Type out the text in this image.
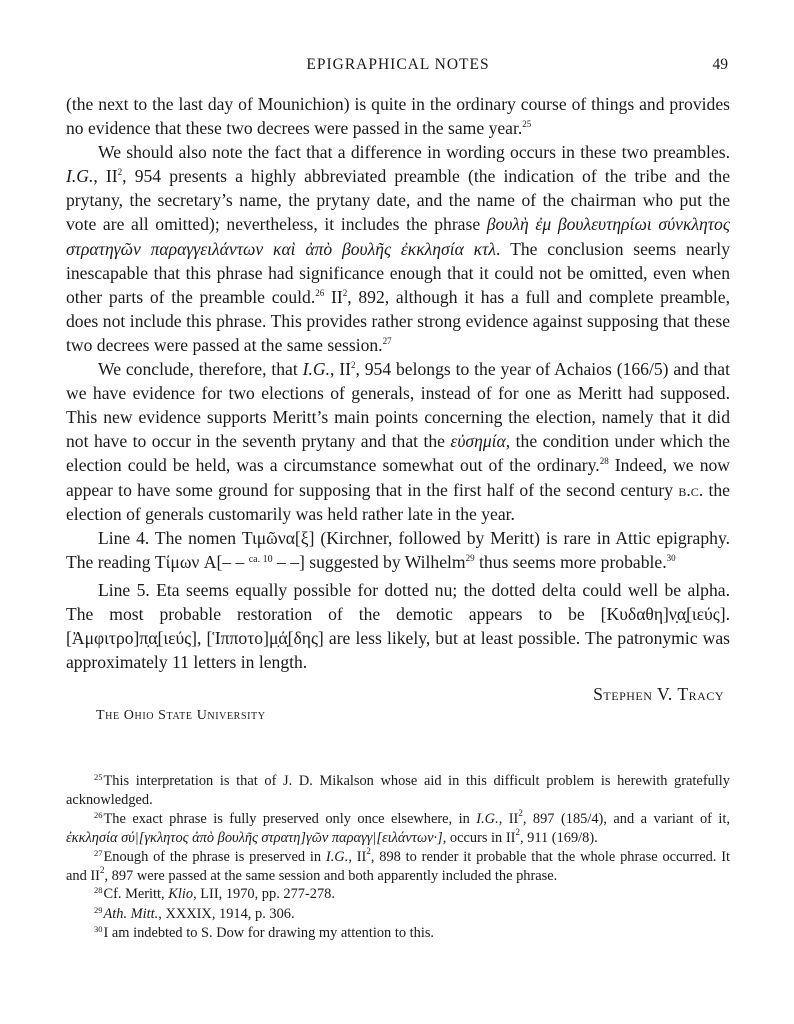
EPIGRAPHICAL NOTES	49

(the next to the last day of Mounichion) is quite in the ordinary course of things and provides no evidence that these two decrees were passed in the same year.$^{25}$

We should also note the fact that a difference in wording occurs in these two preambles. I.G., $II^2$, 954 presents a highly abbreviated preamble (the indication of the tribe and the prytany, the secretary’s name, the prytany date, and the name of the chairman who put the vote are all omitted); nevertheless, it includes the phrase βουλὴ ἐμ βουλευτηρίωι σύνκλητος στρατηγῶν παραγγειλάντων καὶ ἀπὸ βουλῆς ἐκκλησία κτλ. The conclusion seems nearly inescapable that this phrase had significance enough that it could not be omitted, even when other parts of the preamble could.$^{26}$ $II^2$, 892, although it has a full and complete preamble, does not include this phrase. This provides rather strong evidence against supposing that these two decrees were passed at the same session.$^{27}$

We conclude, therefore, that I.G., $II^2$, 954 belongs to the year of Achaios (166/5) and that we have evidence for two elections of generals, instead of for one as Meritt had supposed. This new evidence supports Meritt’s main points concerning the election, namely that it did not have to occur in the seventh prytany and that the εὐσημία, the condition under which the election could be held, was a circumstance somewhat out of the ordinary.$^{28}$ Indeed, we now appear to have some ground for supposing that in the first half of the second century b.c. the election of generals customarily was held rather late in the year.

Line 4. The nomen Τιμῶνα[ξ] (Kirchner, followed by Meritt) is rare in Attic epigraphy. The reading Τίμων A[– – $^{ca. 10}$ – –] suggested by Wilhelm$^{29}$ thus seems more probable.$^{30}$

Line 5. Eta seems equally possible for dotted nu; the dotted delta could well be alpha. The most probable restoration of the demotic appears to be [Κυδαθη]ν̣α̣[ιεύς]. [Ἀμφιτρο]π̣α̣[ιεύς], [Ἱπποτο]μ̣ά̣[δης] are less likely, but at least possible. The patronymic was approximately 11 letters in length.

Stephen V. Tracy
The Ohio State University

$^{25}$This interpretation is that of J. D. Mikalson whose aid in this difficult problem is herewith gratefully acknowledged.

$^{26}$The exact phrase is fully preserved only once elsewhere, in I.G., $II^2$, 897 (185/4), and a variant of it, ἐκκλησία σύ|[γκλητος ἀπὸ βουλῆς στρατη]γῶν παραγγ|[ειλάντων·], occurs in $II^2$, 911 (169/8).

$^{27}$Enough of the phrase is preserved in I.G., $II^2$, 898 to render it probable that the whole phrase occurred. It and $II^2$, 897 were passed at the same session and both apparently included the phrase.

$^{28}$Cf. Meritt, Klio, LII, 1970, pp. 277-278.

$^{29}$Ath. Mitt., XXXIX, 1914, p. 306.

$^{30}$I am indebted to S. Dow for drawing my attention to this.
